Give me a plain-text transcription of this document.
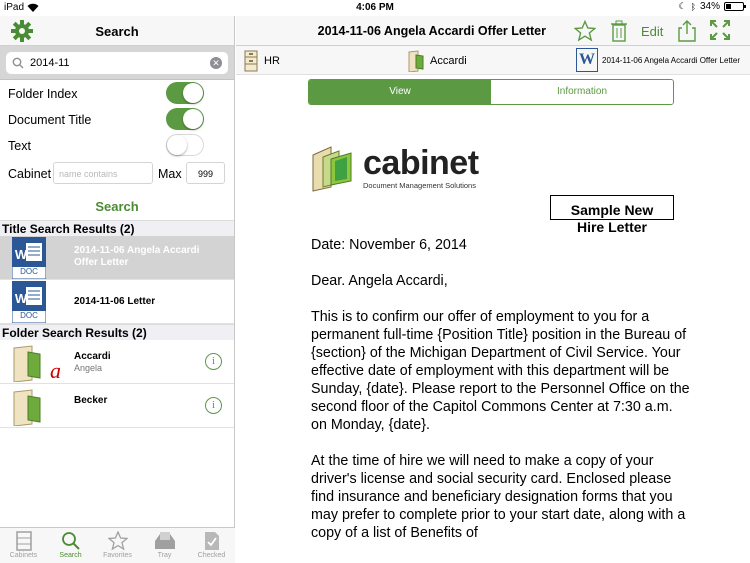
iPad	4:06 PM	☾ ᛒ 34%
Search
2014-11
✕
Folder Index
Document Title
Text
Cabinet name contains	Max	999
Search
Title Search Results (2)
W
DOC
2014-11-06 Angela Accardi Offer Letter
W
DOC
2014-11-06 Letter
Folder Search Results (2)
a
Accardi
Angela
i
Becker	i
Cabinets	Search	Favorites	Tray	Checked
2014-11-06 Angela Accardi Offer Letter	Edit
HR	Accardi	W 2014-11-06 Angela Accardi Offer Letter
View	Information
cabinet
Document Management Solutions
Sample New
Hire Letter

Date: November 6, 2014

Dear. Angela Accardi,

This is to confirm our offer of employment to you for a permanent full-time {Position Title} position in the Bureau of {section} of the Michigan Department of Civil Service. Your effective date of employment with this department will be Sunday, {date}. Please report to the Personnel Office on the second floor of the Capitol Commons Center at 7:30 a.m. on Monday, {date}.

At the time of hire we will need to make a copy of your driver's license and social security card. Enclosed please find insurance and beneficiary designation forms that you may prefer to complete prior to your start date, along with a copy of a list of Benefits of
